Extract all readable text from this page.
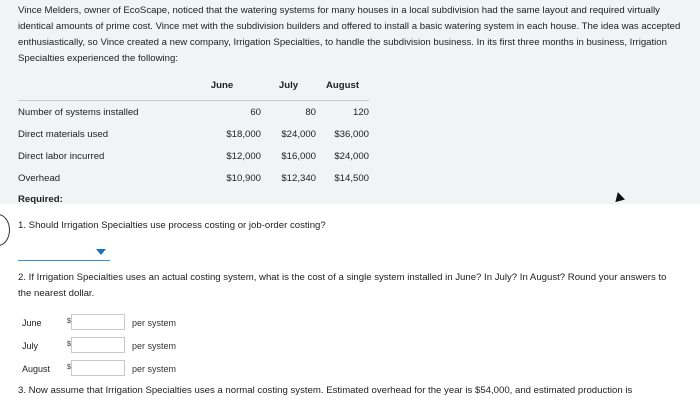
Vince Melders, owner of EcoScape, noticed that the watering systems for many houses in a local subdivision had the same layout and required virtually identical amounts of prime cost. Vince met with the subdivision builders and offered to install a basic watering system in each house. The idea was accepted enthusiastically, so Vince created a new company, Irrigation Specialties, to handle the subdivision business. In its first three months in business, Irrigation Specialties experienced the following:
	June	July	August
Number of systems installed	60	80	120
Direct materials used	$18,000	$24,000	$36,000
Direct labor incurred	$12,000	$16,000	$24,000
Overhead	$10,900	$12,340	$14,500
Required:
1. Should Irrigation Specialties use process costing or job-order costing?
2. If Irrigation Specialties uses an actual costing system, what is the cost of a single system installed in June? In July? In August? Round your answers to the nearest dollar.
June	$	per system
July	$	per system
August $	per system
3. Now assume that Irrigation Specialties uses a normal costing system. Estimated overhead for the year is $54,000, and estimated production is
